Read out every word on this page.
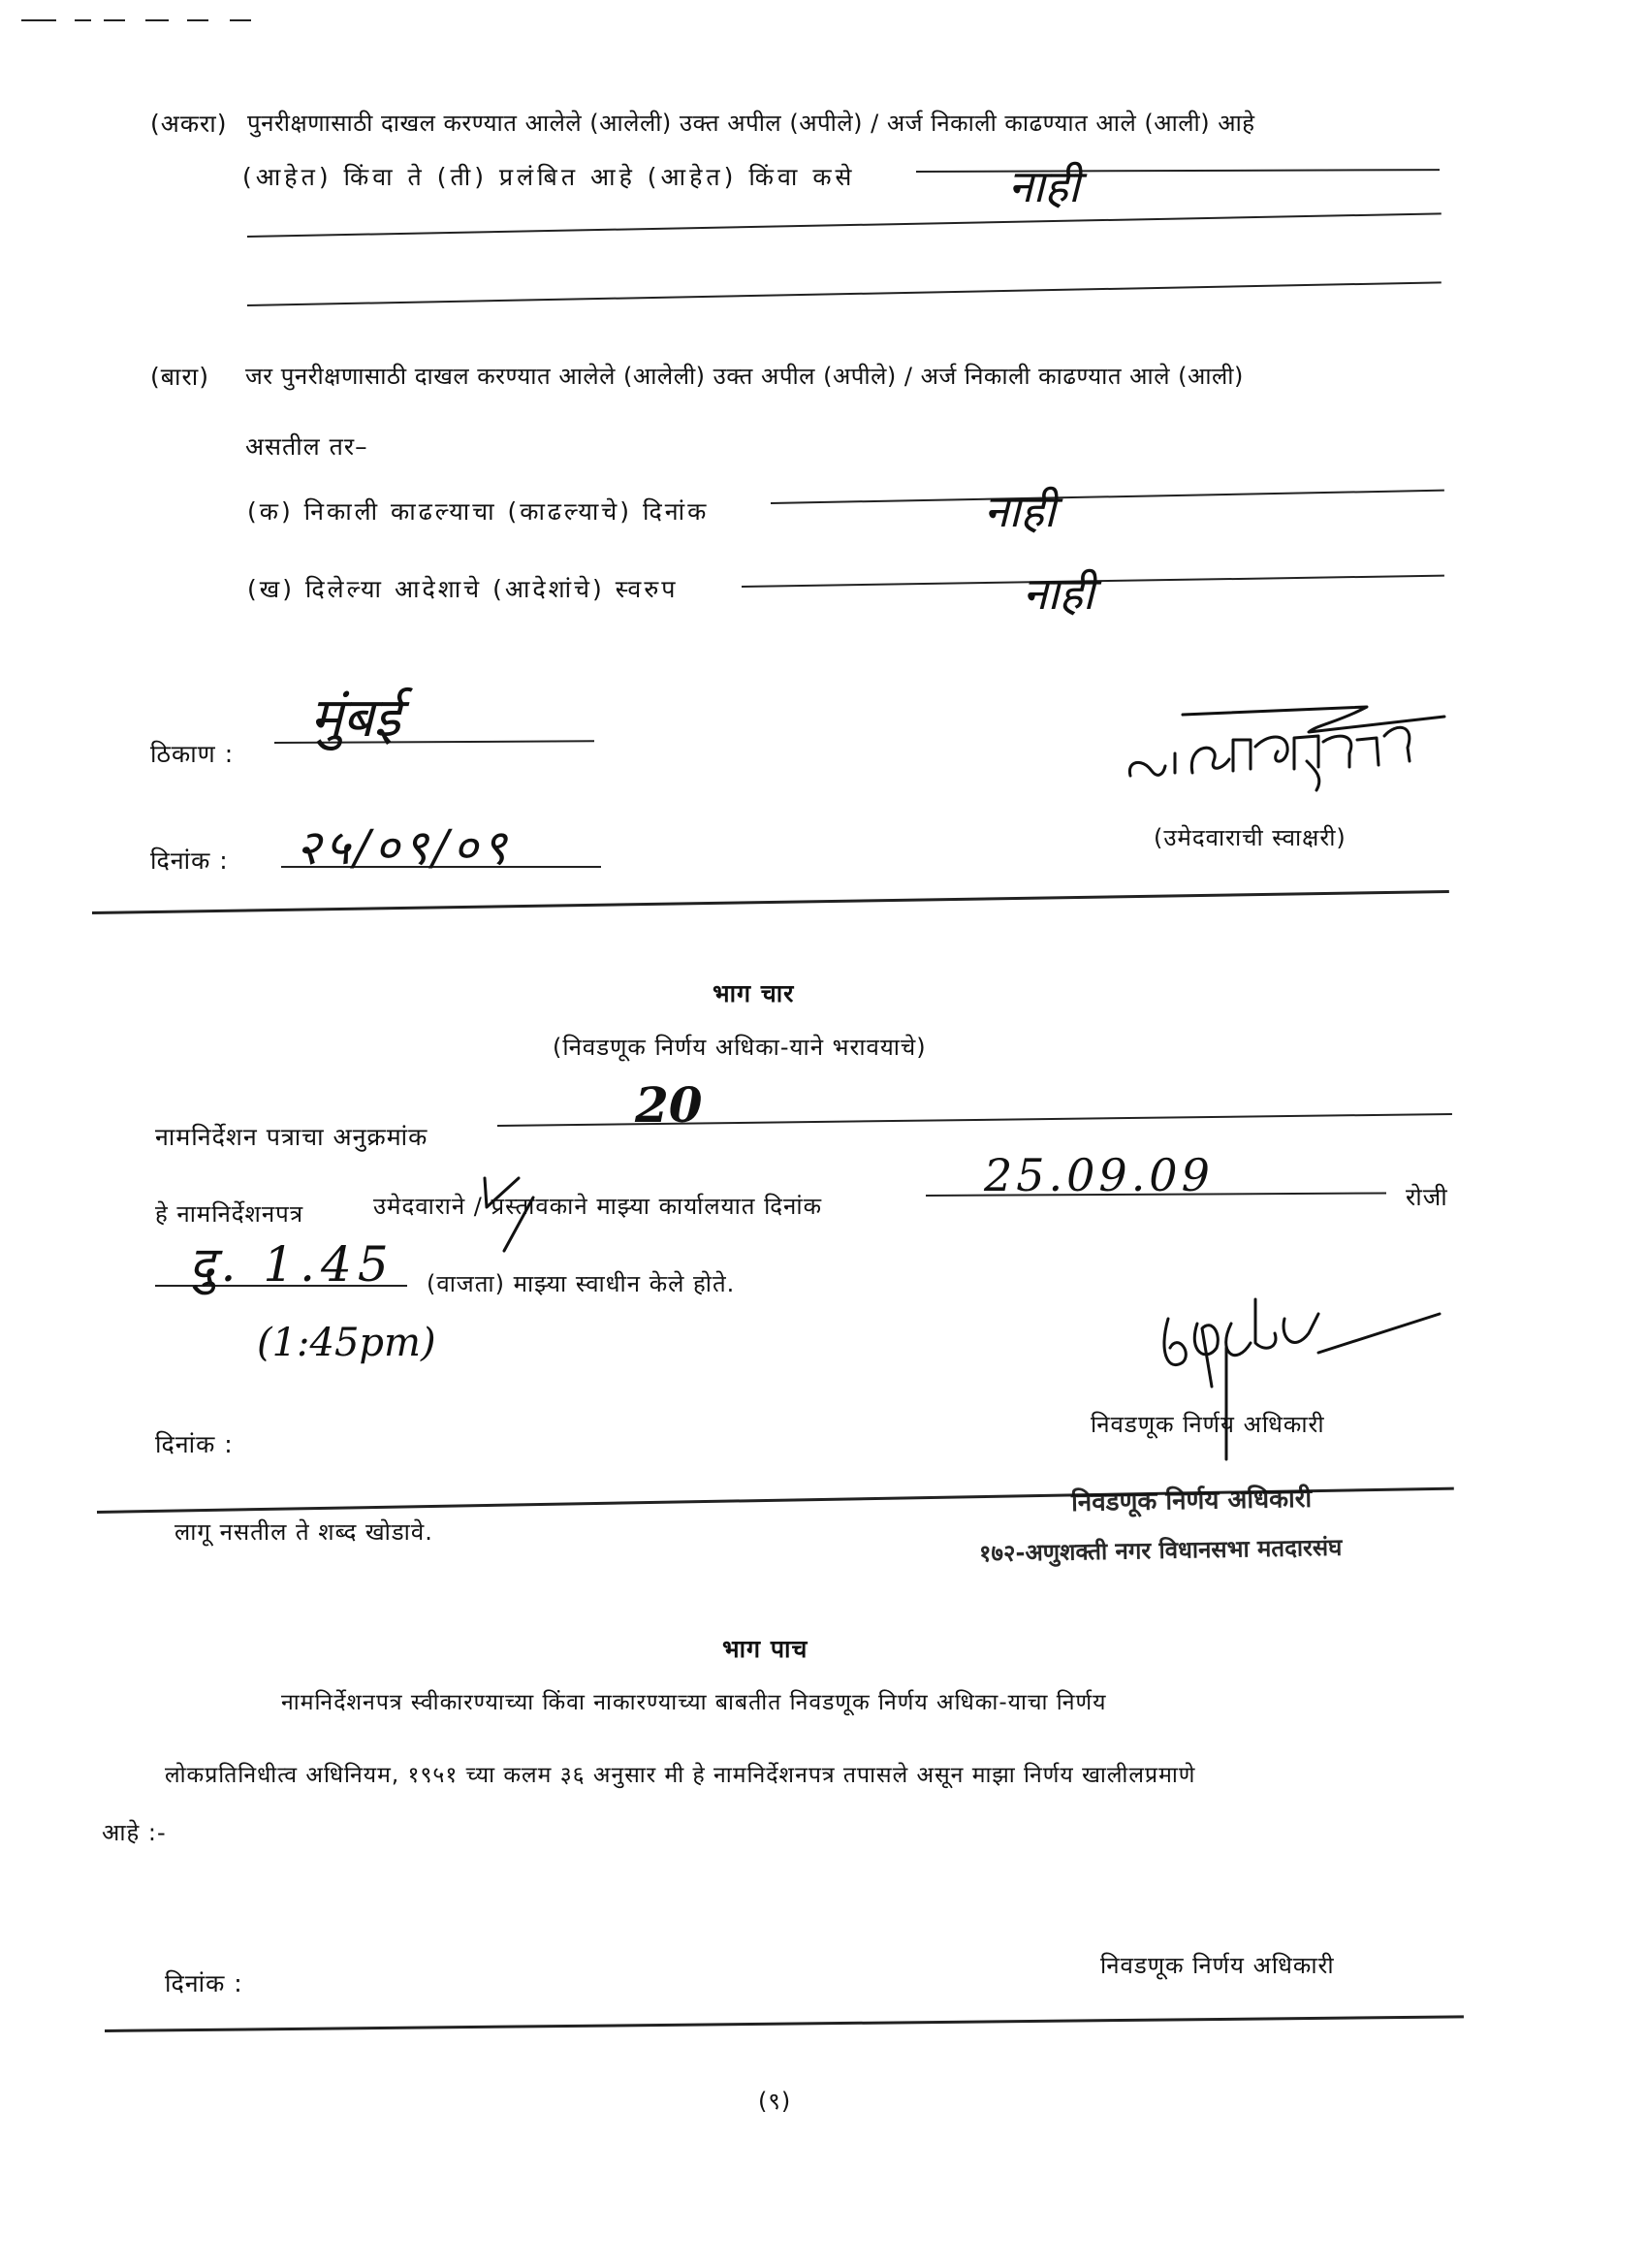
(अकरा) पुनरीक्षणासाठी दाखल करण्यात आलेले (आलेली) उक्त अपील (अपीले) / अर्ज निकाली काढण्यात आले (आली) आहे
(आहेत) किंवा ते (ती) प्रलंबित आहे (आहेत) किंवा कसे	नाही
(बारा) जर पुनरीक्षणासाठी दाखल करण्यात आलेले (आलेली) उक्त अपील (अपीले) / अर्ज निकाली काढण्यात आले (आली)
असतील तर–
(क) निकाली काढल्याचा (काढल्याचे) दिनांक	नाही
(ख) दिलेल्या आदेशाचे (आदेशांचे) स्वरुप	नाही
ठिकाण :
मुंबई
दिनांक : २५/०९/०९	(उमेदवाराची स्वाक्षरी)
भाग चार
(निवडणूक निर्णय अधिका-याने भरावयाचे)
नामनिर्देशन पत्राचा अनुक्रमांक
20
हे नामनिर्देशनपत्र	उमेदवाराने / प्रस्तावकाने माझ्या कार्यालयात दिनांक
25.09.09	रोजी
दु. 1.45 (वाजता) माझ्या स्वाधीन केले होते.
(1:45pm)
दिनांक :
निवडणूक निर्णय अधिकारी
निवडणूक निर्णय अधिकारी
१७२-अणुशक्ती नगर विधानसभा मतदारसंघ
लागू नसतील ते शब्द खोडावे.
भाग पाच
नामनिर्देशनपत्र स्वीकारण्याच्या किंवा नाकारण्याच्या बाबतीत निवडणूक निर्णय अधिका-याचा निर्णय
लोकप्रतिनिधीत्व अधिनियम, १९५१ च्या कलम ३६ अनुसार मी हे नामनिर्देशनपत्र तपासले असून माझा निर्णय खालीलप्रमाणे
आहे :-
दिनांक :
निवडणूक निर्णय अधिकारी
(९)
